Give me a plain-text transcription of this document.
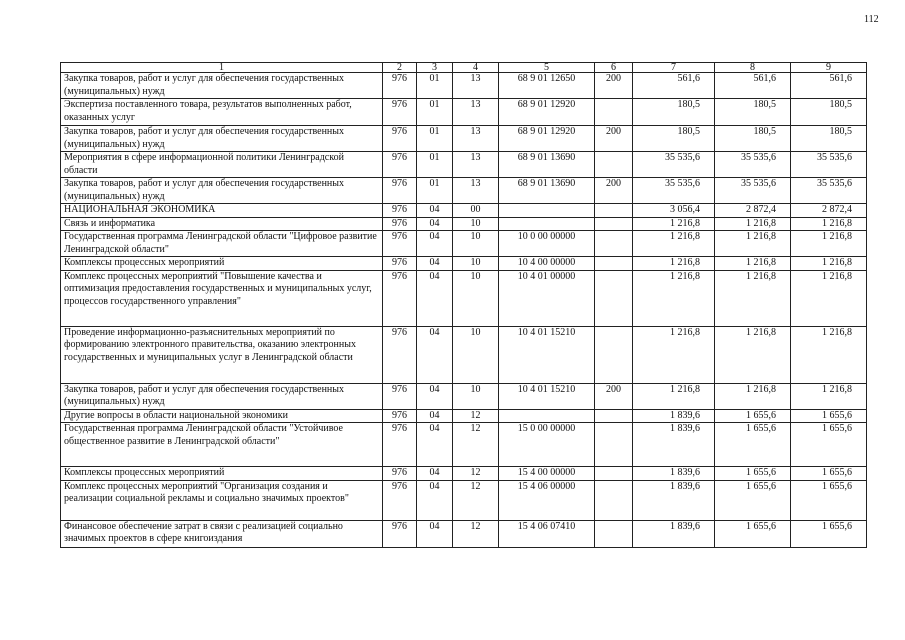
112
1	2	3	4	5	6	7	8	9
Закупка товаров, работ и услуг для обеспечения государственных (муниципальных) нужд	976	01	13	68 9 01 12650	200	561,6	561,6	561,6
Экспертиза поставленного товара, результатов выполненных работ, оказанных услуг	976	01	13	68 9 01 12920		180,5	180,5	180,5
Закупка товаров, работ и услуг для обеспечения государственных (муниципальных) нужд	976	01	13	68 9 01 12920	200	180,5	180,5	180,5
Мероприятия в сфере информационной политики Ленинградской области	976	01	13	68 9 01 13690		35 535,6	35 535,6	35 535,6
Закупка товаров, работ и услуг для обеспечения государственных (муниципальных) нужд	976	01	13	68 9 01 13690	200	35 535,6	35 535,6	35 535,6
НАЦИОНАЛЬНАЯ ЭКОНОМИКА	976	04	00			3 056,4	2 872,4	2 872,4
Связь и информатика	976	04	10			1 216,8	1 216,8	1 216,8
Государственная программа Ленинградской области "Цифровое развитие Ленинградской области"	976	04	10	10 0 00 00000		1 216,8	1 216,8	1 216,8
Комплексы процессных мероприятий	976	04	10	10 4 00 00000		1 216,8	1 216,8	1 216,8
Комплекс процессных мероприятий "Повышение качества и оптимизация предоставления государственных и муниципальных услуг, процессов государственного управления"	976	04	10	10 4 01 00000		1 216,8	1 216,8	1 216,8
Проведение информационно-разъяснительных мероприятий по формированию электронного правительства, оказанию электронных государственных и муниципальных услуг в Ленинградской области	976	04	10	10 4 01 15210		1 216,8	1 216,8	1 216,8
Закупка товаров, работ и услуг для обеспечения государственных (муниципальных) нужд	976	04	10	10 4 01 15210	200	1 216,8	1 216,8	1 216,8
Другие вопросы в области национальной экономики	976	04	12			1 839,6	1 655,6	1 655,6
Государственная программа Ленинградской области "Устойчивое общественное развитие в Ленинградской области"	976	04	12	15 0 00 00000		1 839,6	1 655,6	1 655,6
Комплексы процессных мероприятий	976	04	12	15 4 00 00000		1 839,6	1 655,6	1 655,6
Комплекс процессных мероприятий "Организация создания и реализации социальной рекламы и социально значимых проектов"	976	04	12	15 4 06 00000		1 839,6	1 655,6	1 655,6
Финансовое обеспечение затрат в связи с реализацией социально значимых проектов в сфере книгоиздания	976	04	12	15 4 06 07410		1 839,6	1 655,6	1 655,6
